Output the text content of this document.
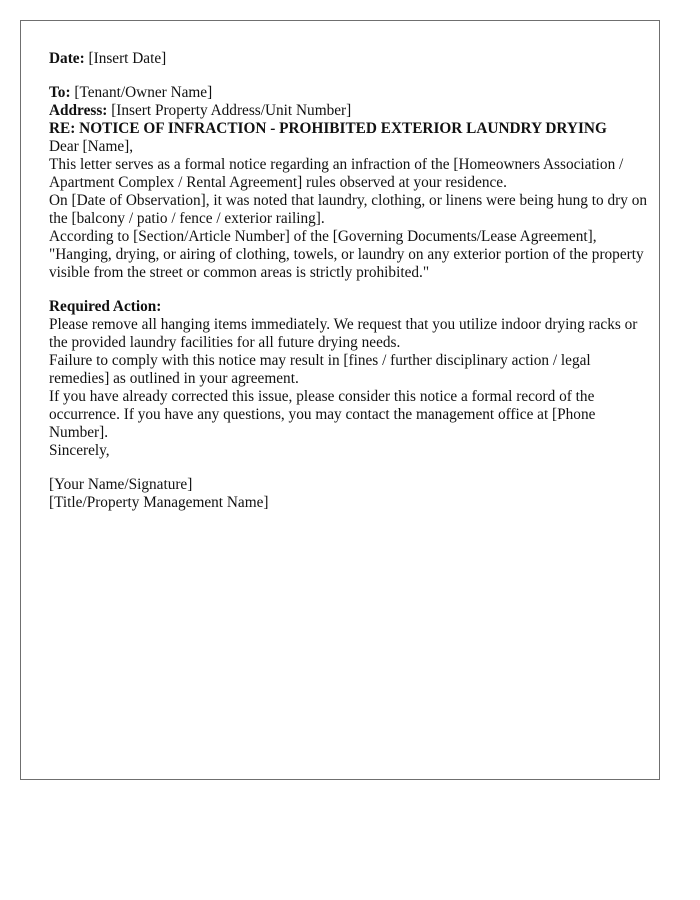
Date: [Insert Date]

To: [Tenant/Owner Name]

Address: [Insert Property Address/Unit Number]

RE: NOTICE OF INFRACTION - PROHIBITED EXTERIOR LAUNDRY DRYING

Dear [Name],

This letter serves as a formal notice regarding an infraction of the [Homeowners Association / Apartment Complex / Rental Agreement] rules observed at your residence.

On [Date of Observation], it was noted that laundry, clothing, or linens were being hung to dry on the [balcony / patio / fence / exterior railing].

According to [Section/Article Number] of the [Governing Documents/Lease Agreement], "Hanging, drying, or airing of clothing, towels, or laundry on any exterior portion of the property visible from the street or common areas is strictly prohibited."

Required Action:

Please remove all hanging items immediately. We request that you utilize indoor drying racks or the provided laundry facilities for all future drying needs.

Failure to comply with this notice may result in [fines / further disciplinary action / legal remedies] as outlined in your agreement.

If you have already corrected this issue, please consider this notice a formal record of the occurrence. If you have any questions, you may contact the management office at [Phone Number].

Sincerely,

[Your Name/Signature]

[Title/Property Management Name]
